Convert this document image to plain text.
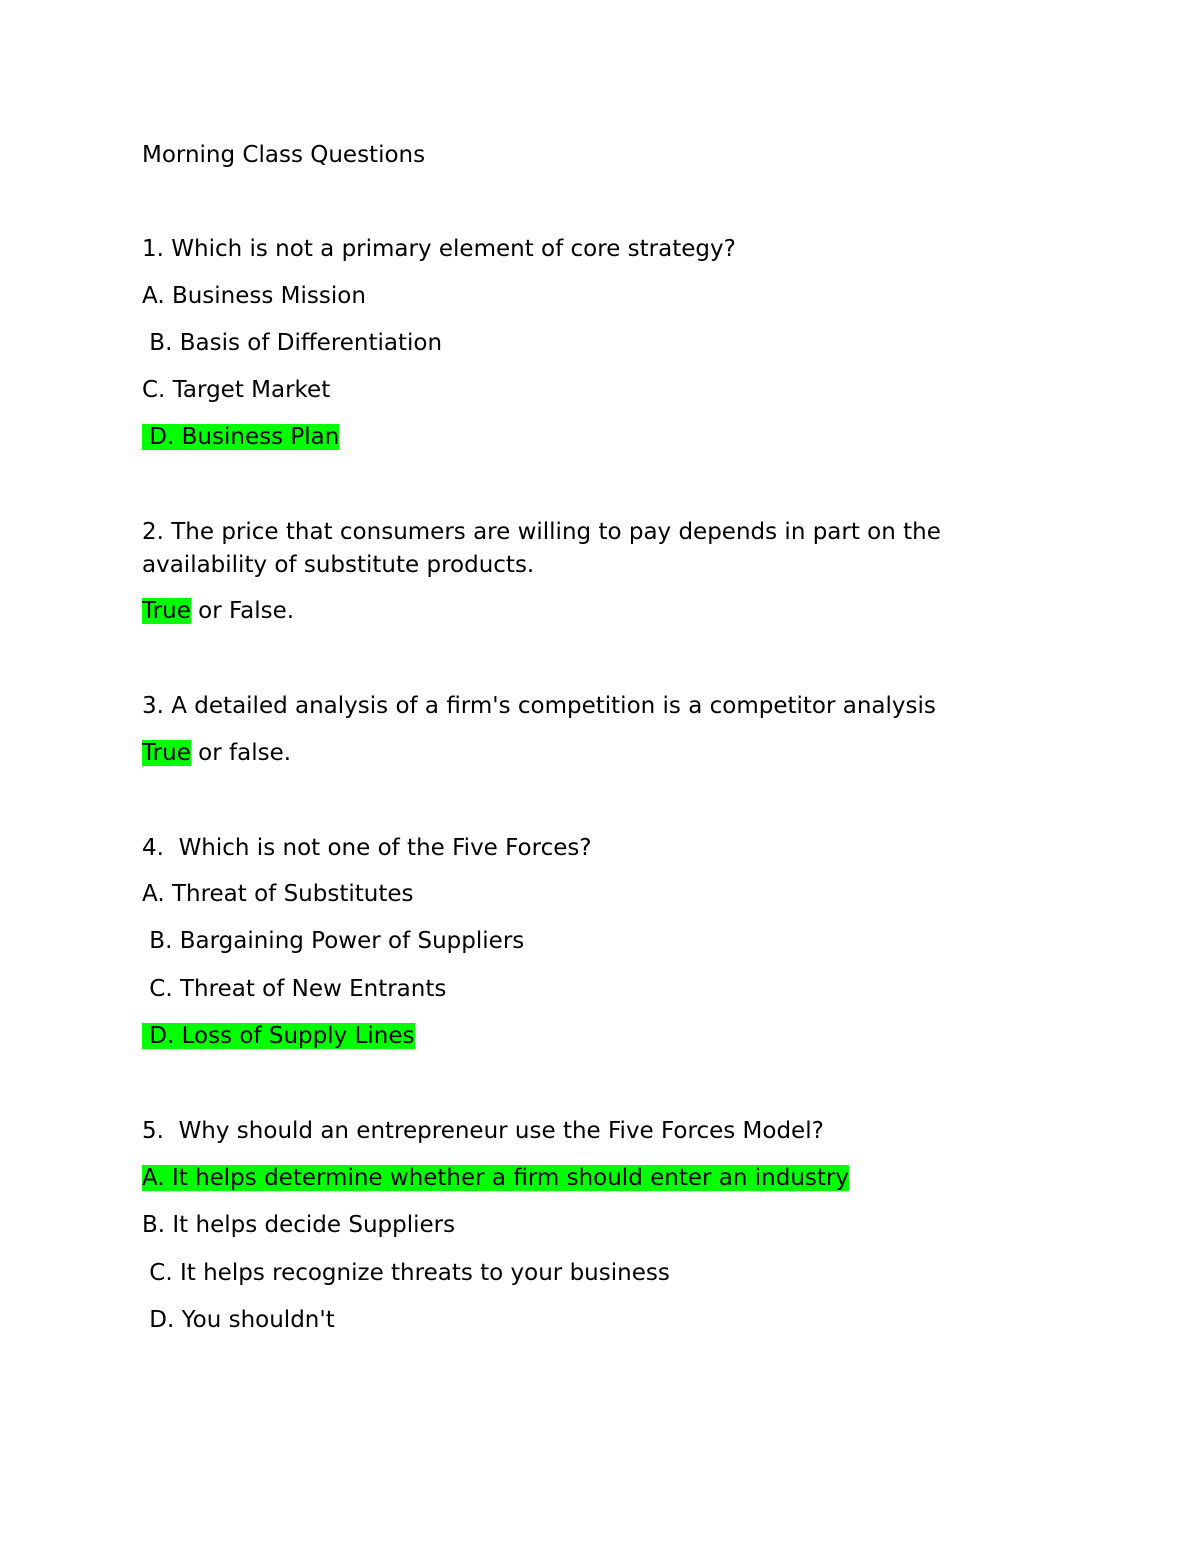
Morning Class Questions

1. Which is not a primary element of core strategy?

A. Business Mission

B. Basis of Differentiation

C. Target Market

D. Business Plan

2. The price that consumers are willing to pay depends in part on the

availability of substitute products.

True or False.

3. A detailed analysis of a firm's competition is a competitor analysis

True or false.

4.  Which is not one of the Five Forces?

A. Threat of Substitutes

B. Bargaining Power of Suppliers

C. Threat of New Entrants

D. Loss of Supply Lines

5.  Why should an entrepreneur use the Five Forces Model?

A. It helps determine whether a firm should enter an industry

B. It helps decide Suppliers

C. It helps recognize threats to your business

D. You shouldn't
